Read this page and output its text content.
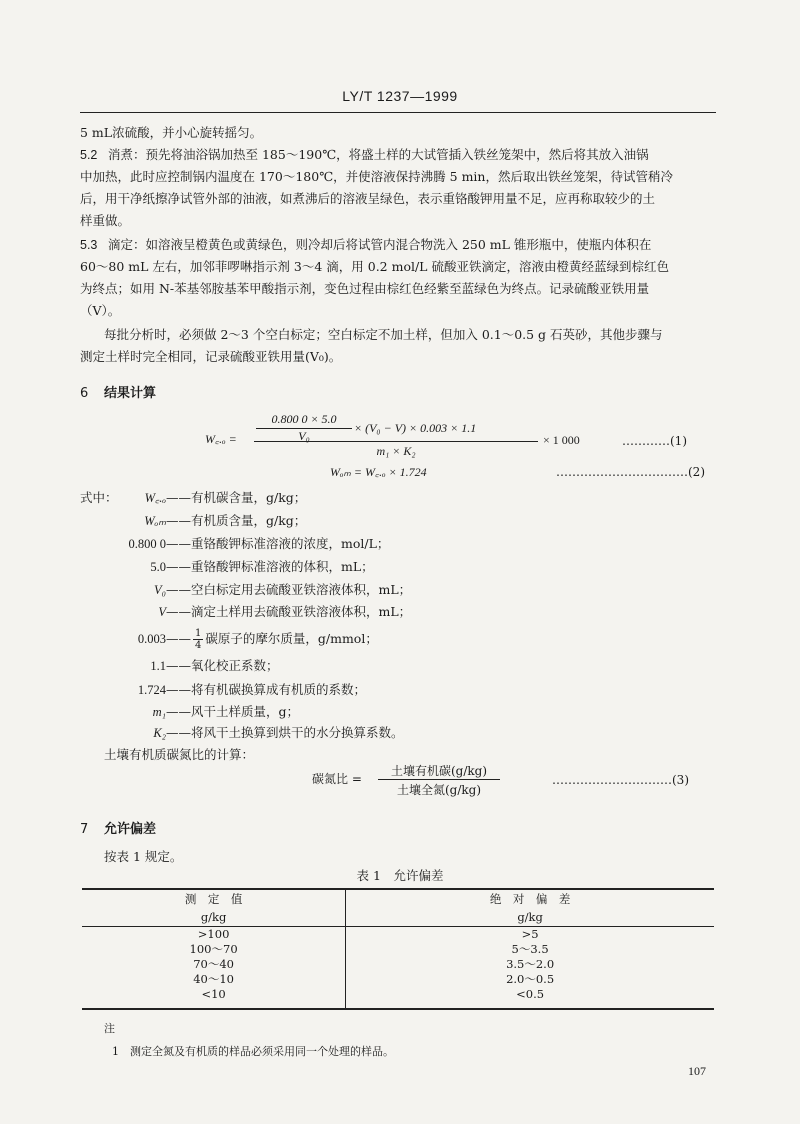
LY/T 1237—1999
5 mL浓硫酸，并小心旋转摇匀。
5.2 消煮：预先将油浴锅加热至 185～190℃，将盛土样的大试管插入铁丝笼架中，然后将其放入油锅
中加热，此时应控制锅内温度在 170～180℃，并使溶液保持沸腾 5 min，然后取出铁丝笼架，待试管稍冷
后，用干净纸擦净试管外部的油液，如煮沸后的溶液呈绿色，表示重铬酸钾用量不足，应再称取较少的土
样重做。
5.3 滴定：如溶液呈橙黄色或黄绿色，则冷却后将试管内混合物洗入 250 mL 锥形瓶中，使瓶内体积在
60～80 mL 左右，加邻菲啰啉指示剂 3～4 滴，用 0.2 mol/L 硫酸亚铁滴定，溶液由橙黄经蓝绿到棕红色
为终点；如用 N-苯基邻胺基苯甲酸指示剂，变色过程由棕红色经紫至蓝绿色为终点。记录硫酸亚铁用量
（V）。
每批分析时，必须做 2～3 个空白标定；空白标定不加土样，但加入 0.1～0.5 g 石英砂，其他步骤与
测定土样时完全相同，记录硫酸亚铁用量(V₀)。
6 结果计算
W꜀.ₒ =
0.800 0 × 5.0
V₀
× (V₀ − V) × 0.003 × 1.1
m₁ × K₂
× 1 000	…………(1)
Wₒₘ = W꜀.ₒ × 1.724	……………………………(2)
式中：	W꜀.ₒ——有机碳含量，g/kg；
Wₒₘ——有机质含量，g/kg；
0.800 0——重铬酸钾标准溶液的浓度，mol/L；
5.0——重铬酸钾标准溶液的体积，mL；
V₀——空白标定用去硫酸亚铁溶液体积，mL；
V——滴定土样用去硫酸亚铁溶液体积，mL；
0.003—— $\frac{1}{4}$ 碳原子的摩尔质量，g/mmol；
1.1——氧化校正系数；
1.724——将有机碳换算成有机质的系数；
m₁——风干土样质量，g；
K₂——将风干土换算到烘干的水分换算系数。
土壤有机质碳氮比的计算：
碳氮比 =
土壤有机碳(g/kg)
土壤全氮(g/kg)
…………………………(3)
7 允许偏差
按表 1 规定。
表 1　允许偏差
测　定　值	绝　对　偏　差
g/kg	g/kg
>100	>5
100～70	5～3.5
70～40	3.5～2.0
40～10	2.0～0.5
<10	<0.5
注
1　测定全氮及有机质的样品必须采用同一个处理的样品。
107
